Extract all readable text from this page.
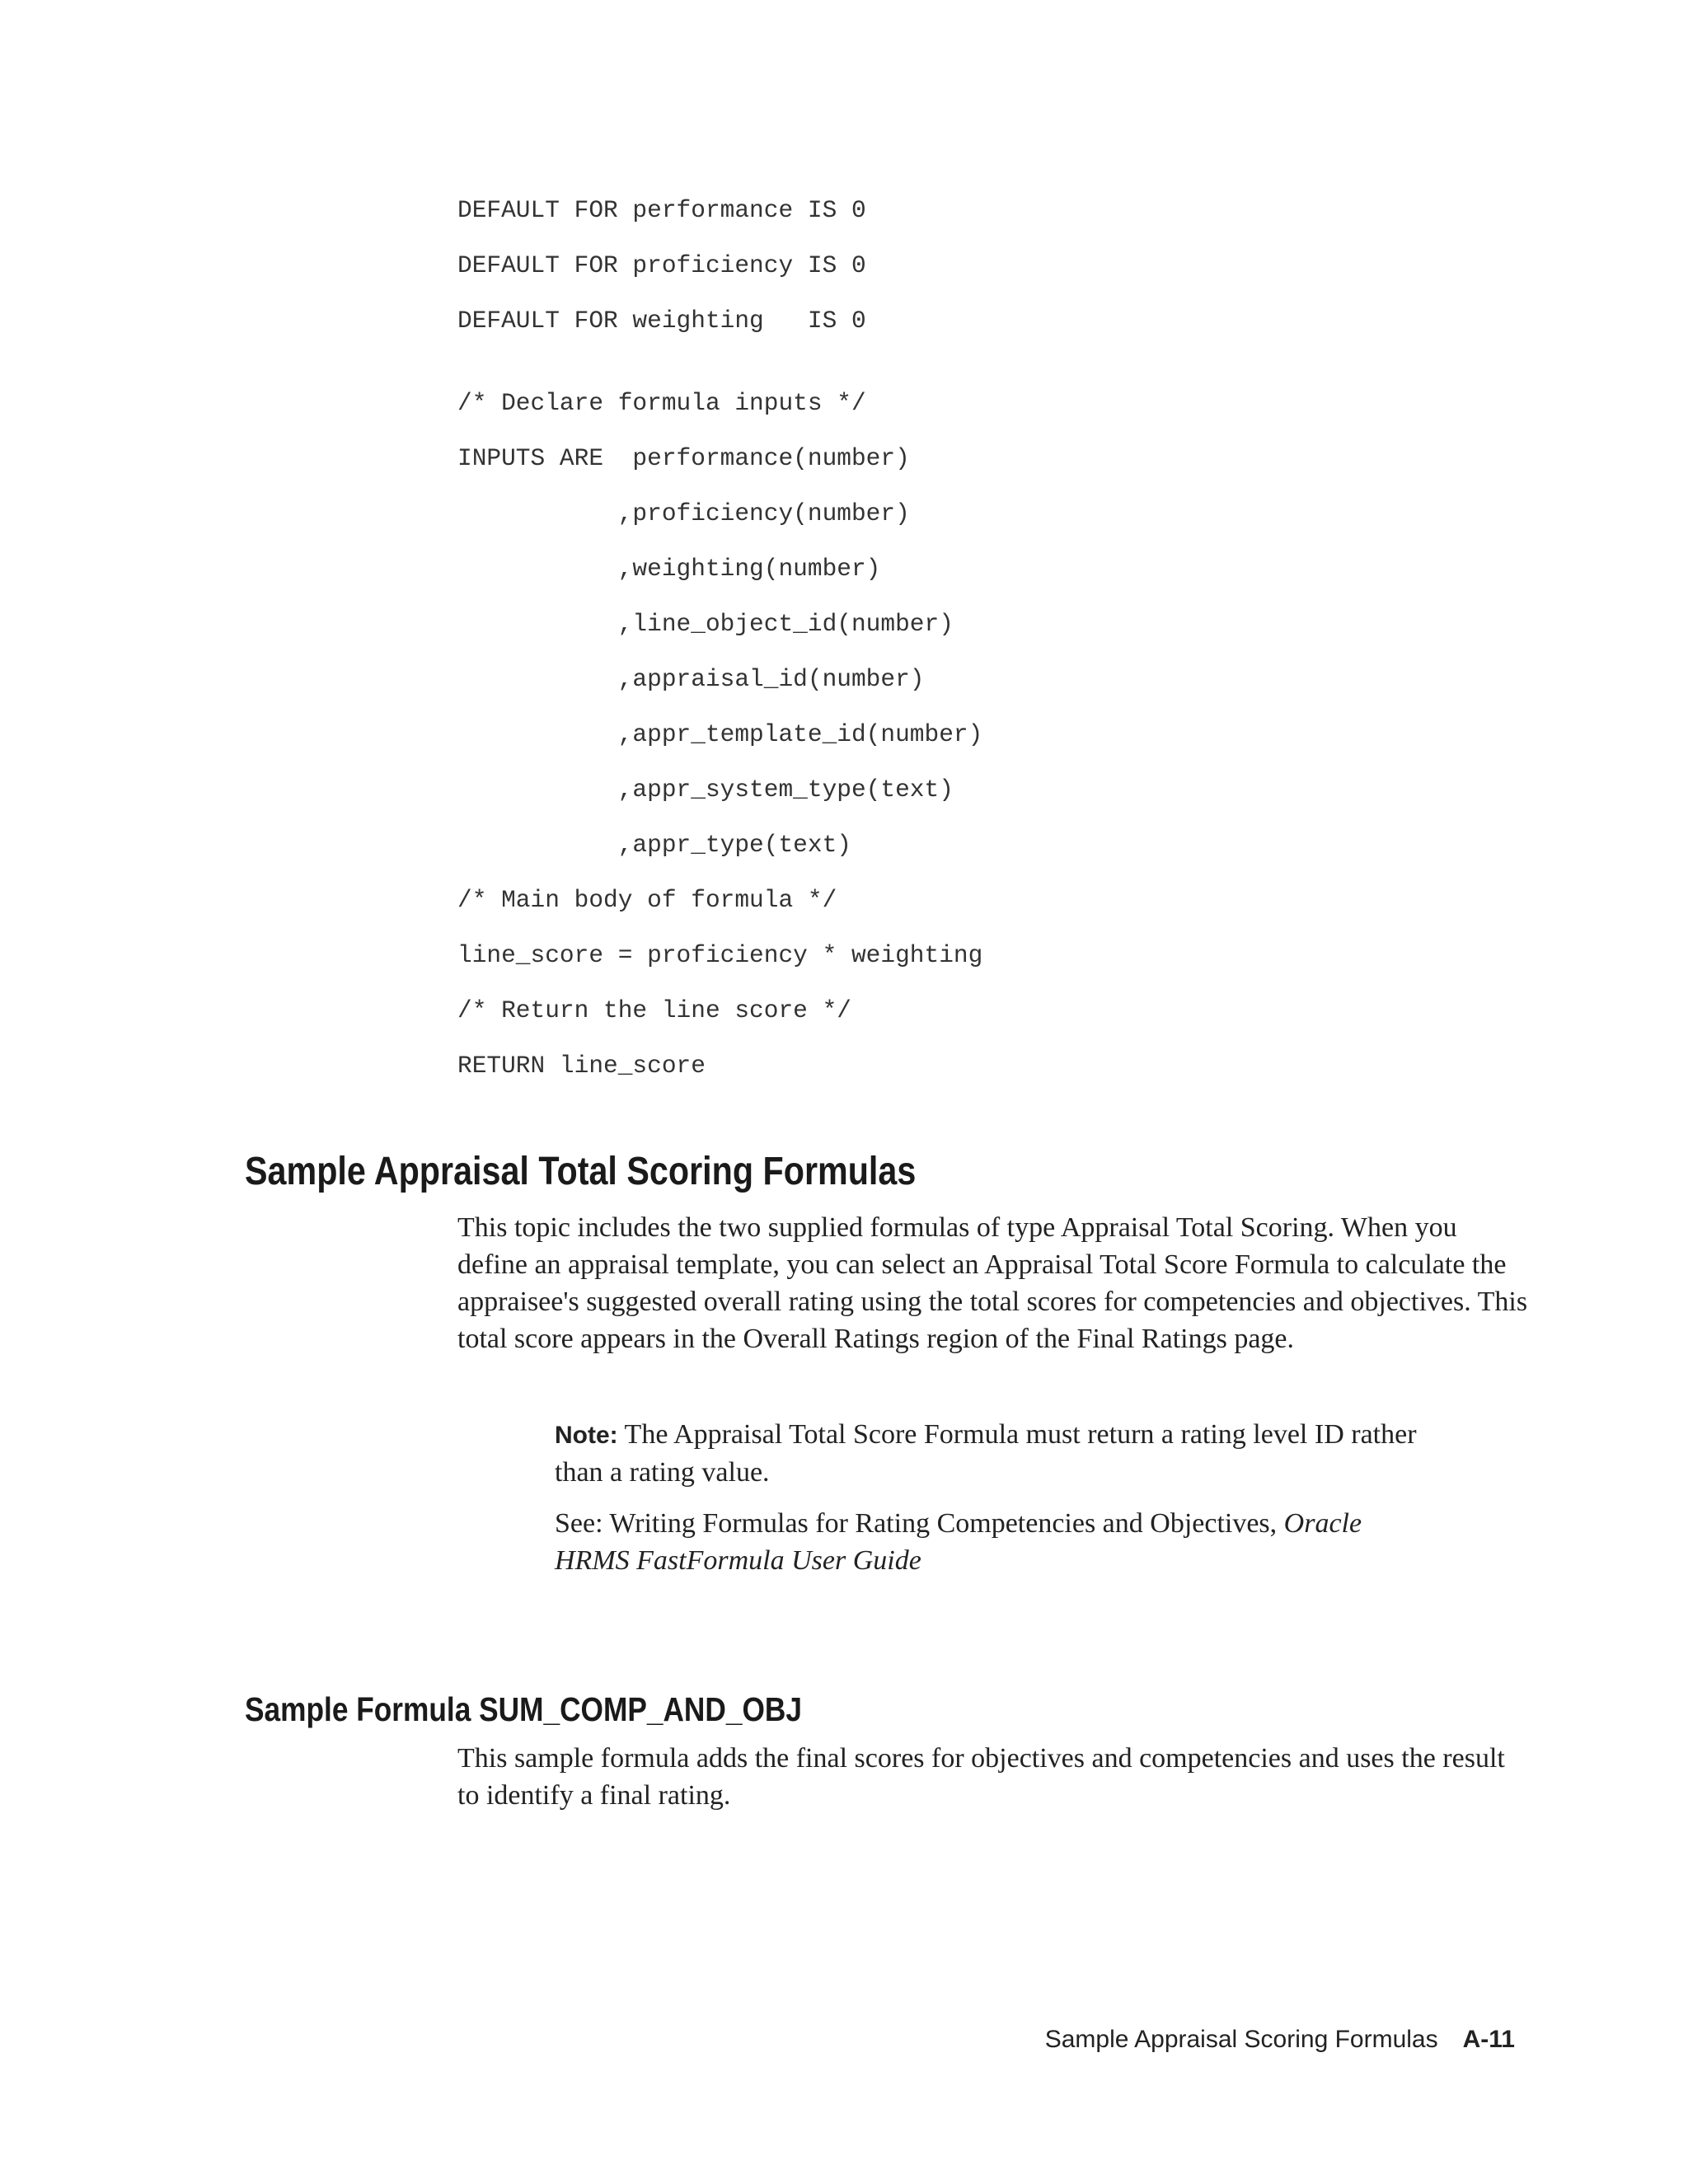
DEFAULT FOR performance IS 0
DEFAULT FOR proficiency IS 0
DEFAULT FOR weighting   IS 0
/* Declare formula inputs */
INPUTS ARE  performance(number)
,proficiency(number)
,weighting(number)
,line_object_id(number)
,appraisal_id(number)
,appr_template_id(number)
,appr_system_type(text)
,appr_type(text)
/* Main body of formula */
line_score = proficiency * weighting
/* Return the line score */
RETURN line_score
Sample Appraisal Total Scoring Formulas

This topic includes the two supplied formulas of type Appraisal Total Scoring. When you define an appraisal template, you can select an Appraisal Total Score Formula to calculate the appraisee's suggested overall rating using the total scores for competencies and objectives. This total score appears in the Overall Ratings region of the Final Ratings page.

Note: The Appraisal Total Score Formula must return a rating level ID rather than a rating value.

See: Writing Formulas for Rating Competencies and Objectives, Oracle HRMS FastFormula User Guide

Sample Formula SUM_COMP_AND_OBJ

This sample formula adds the final scores for objectives and competencies and uses the result to identify a final rating.

Sample Appraisal Scoring Formulas A-11
